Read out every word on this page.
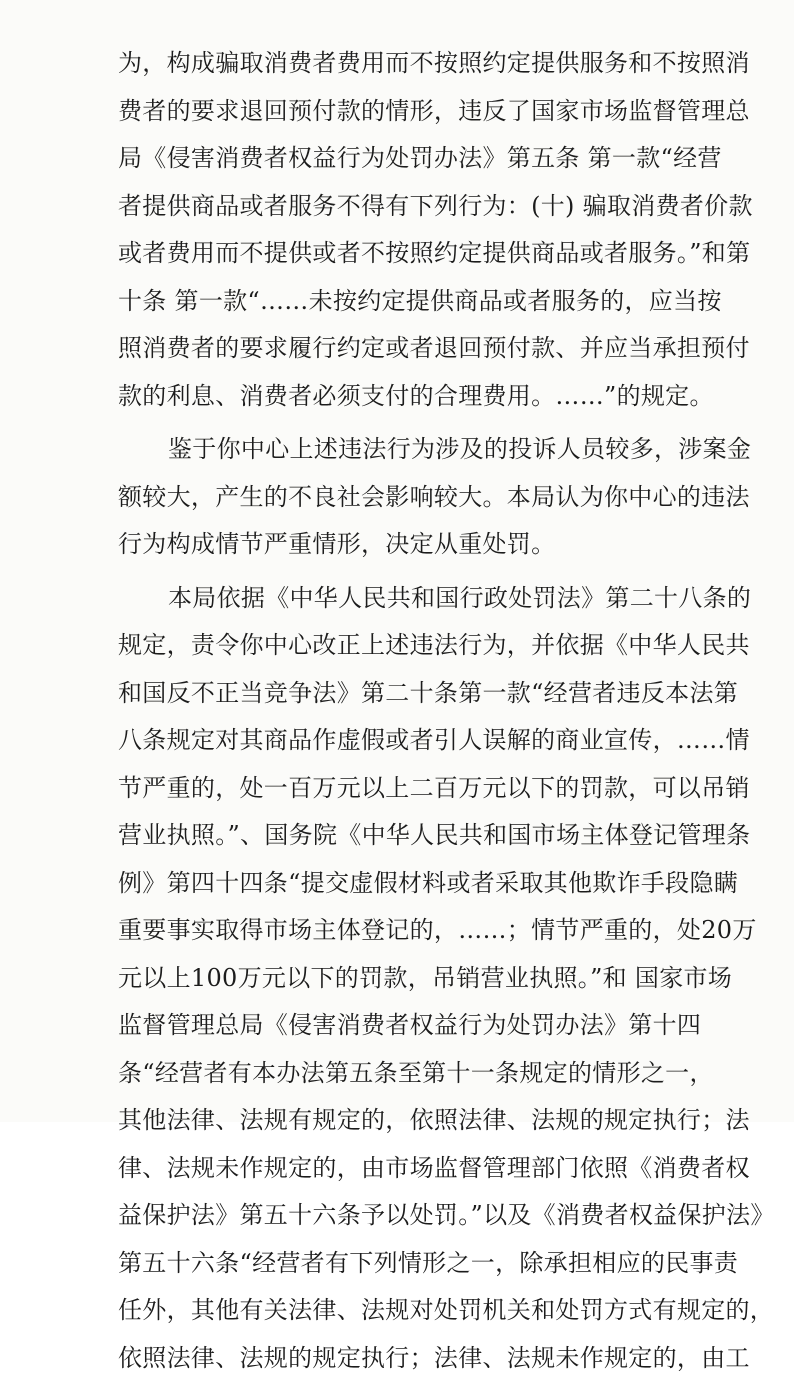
为，构成骗取消费者费用而不按照约定提供服务和不按照消
费者的要求退回预付款的情形，违反了国家市场监督管理总
局《侵害消费者权益行为处罚办法》第五条 第一款“经营
者提供商品或者服务不得有下列行为：(十) 骗取消费者价款
或者费用而不提供或者不按照约定提供商品或者服务。”和第
十条 第一款“……未按约定提供商品或者服务的，应当按
照消费者的要求履行约定或者退回预付款、并应当承担预付
款的利息、消费者必须支付的合理费用。……”的规定。

鉴于你中心上述违法行为涉及的投诉人员较多，涉案金
额较大，产生的不良社会影响较大。本局认为你中心的违法
行为构成情节严重情形，决定从重处罚。

本局依据《中华人民共和国行政处罚法》第二十八条的
规定，责令你中心改正上述违法行为，并依据《中华人民共
和国反不正当竞争法》第二十条第一款“经营者违反本法第
八条规定对其商品作虚假或者引人误解的商业宣传，……情
节严重的，处一百万元以上二百万元以下的罚款，可以吊销
营业执照。”、国务院《中华人民共和国市场主体登记管理条
例》第四十四条“提交虚假材料或者采取其他欺诈手段隐瞒
重要事实取得市场主体登记的，……；情节严重的，处20万
元以上100万元以下的罚款，吊销营业执照。”和 国家市场
监督管理总局《侵害消费者权益行为处罚办法》第十四
条“经营者有本办法第五条至第十一条规定的情形之一，
其他法律、法规有规定的，依照法律、法规的规定执行；法
律、法规未作规定的，由市场监督管理部门依照《消费者权
益保护法》第五十六条予以处罚。”以及《消费者权益保护法》
第五十六条“经营者有下列情形之一，除承担相应的民事责
任外，其他有关法律、法规对处罚机关和处罚方式有规定的，
依照法律、法规的规定执行；法律、法规未作规定的，由工
